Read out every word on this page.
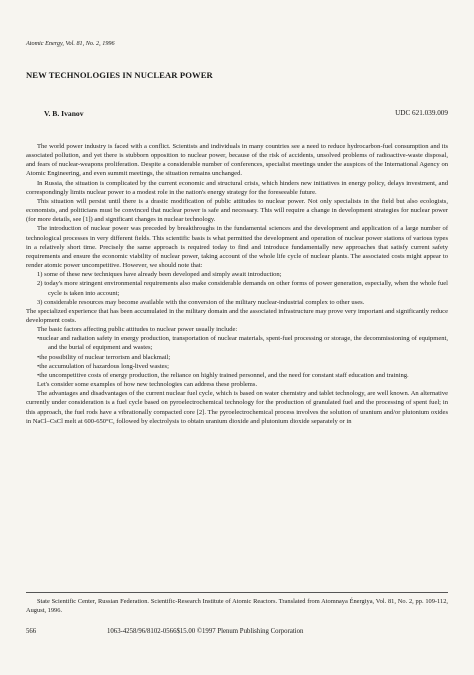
Atomic Energy, Vol. 81, No. 2, 1996
NEW TECHNOLOGIES IN NUCLEAR POWER
V. B. Ivanov	UDC 621.039.009

The world power industry is faced with a conflict. Scientists and individuals in many countries see a need to reduce hydrocarbon-fuel consumption and its associated pollution, and yet there is stubborn opposition to nuclear power, because of the risk of accidents, unsolved problems of radioactive-waste disposal, and fears of nuclear-weapons proliferation. Despite a considerable number of conferences, specialist meetings under the auspices of the International Agency on Atomic Engineering, and even summit meetings, the situation remains unchanged.

In Russia, the situation is complicated by the current economic and structural crisis, which hinders new initiatives in energy policy, delays investment, and correspondingly limits nuclear power to a modest role in the nation's energy strategy for the foreseeable future.

This situation will persist until there is a drastic modification of public attitudes to nuclear power. Not only specialists in the field but also ecologists, economists, and politicians must be convinced that nuclear power is safe and necessary. This will require a change in development strategies for nuclear power (for more details, see [1]) and significant changes in nuclear technology.

The introduction of nuclear power was preceded by breakthroughs in the fundamental sciences and the development and application of a large number of technological processes in very different fields. This scientific basis is what permitted the development and operation of nuclear power stations of various types in a relatively short time. Precisely the same approach is required today to find and introduce fundamentally new approaches that satisfy current safety requirements and ensure the economic viability of nuclear power, taking account of the whole life cycle of nuclear plants. The associated costs might appear to render atomic power uncompetitive. However, we should note that:

1) some of these new techniques have already been developed and simply await introduction;

2) today's more stringent environmental requirements also make considerable demands on other forms of power generation, especially, when the whole fuel cycle is taken into account;

3) considerable resources may become available with the conversion of the military nuclear-industrial complex to other uses.

The specialized experience that has been accumulated in the military domain and the associated infrastructure may prove very important and significantly reduce development costs.

The basic factors affecting public attitudes to nuclear power usually include:

•nuclear and radiation safety in energy production, transportation of nuclear materials, spent-fuel processing or storage, the decommissioning of equipment, and the burial of equipment and wastes;

•the possibility of nuclear terrorism and blackmail;

•the accumulation of hazardous long-lived wastes;

•the uncompetitive costs of energy production, the reliance on highly trained personnel, and the need for constant staff education and training.

Let's consider some examples of how new technologies can address these problems.

The advantages and disadvantages of the current nuclear fuel cycle, which is based on water chemistry and tablet technology, are well known. An alternative currently under consideration is a fuel cycle based on pyroelectrochemical technology for the production of granulated fuel and the processing of spent fuel; in this approach, the fuel rods have a vibrationally compacted core [2]. The pyroelectrochemical process involves the solution of uranium and/or plutonium oxides in NaCl–CsCl melt at 600-650°C, followed by electrolysis to obtain uranium dioxide and plutonium dioxide separately or in

State Scientific Center, Russian Federation. Scientific-Research Institute of Atomic Reactors. Translated from Atomnaya Énergiya, Vol. 81, No. 2, pp. 109-112, August, 1996.

566	1063-4258/96/8102-0566$15.00 ©1997 Plenum Publishing Corporation
